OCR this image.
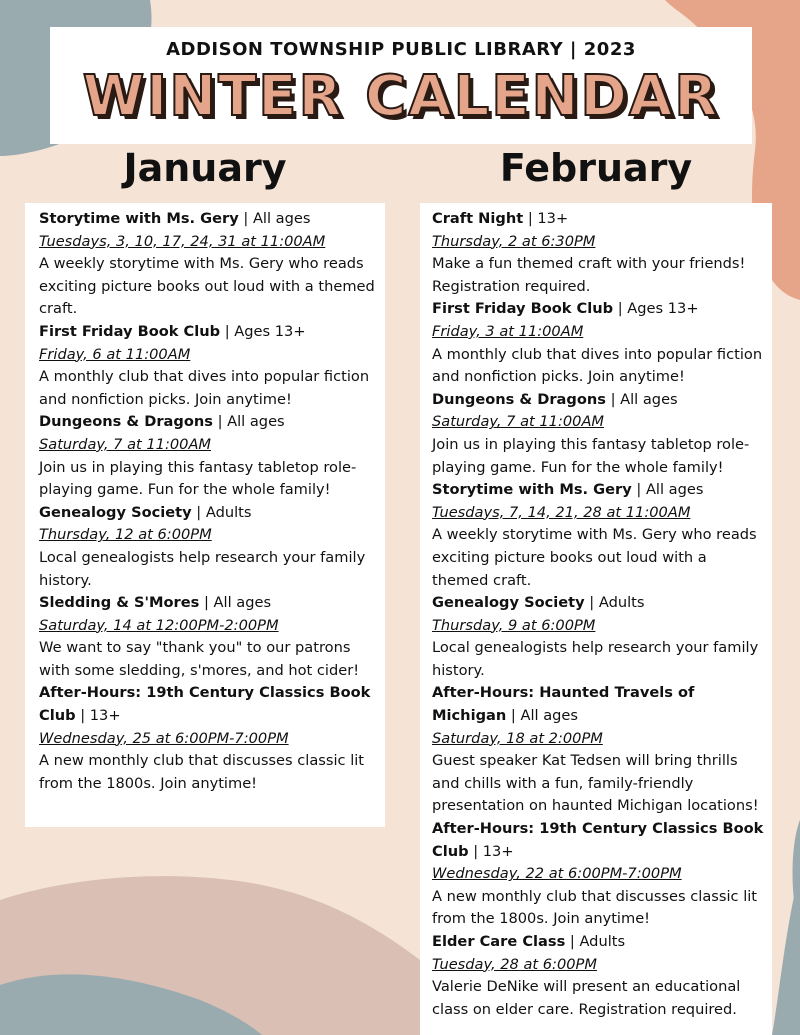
ADDISON TOWNSHIP PUBLIC LIBRARY | 2023
WINTER CALENDAR
January	February
Storytime with Ms. Gery | All ages
Tuesdays, 3, 10, 17, 24, 31 at 11:00AM
A weekly storytime with Ms. Gery who reads exciting picture books out loud with a themed craft.
First Friday Book Club | Ages 13+
Friday, 6 at 11:00AM
A monthly club that dives into popular fiction and nonfiction picks. Join anytime!
Dungeons & Dragons | All ages
Saturday, 7 at 11:00AM
Join us in playing this fantasy tabletop role-playing game. Fun for the whole family!
Genealogy Society | Adults
Thursday, 12 at 6:00PM
Local genealogists help research your family history.
Sledding & S'Mores | All ages
Saturday, 14 at 12:00PM-2:00PM
We want to say "thank you" to our patrons with some sledding, s'mores, and hot cider!
After-Hours: 19th Century Classics Book Club | 13+
Wednesday, 25 at 6:00PM-7:00PM
A new monthly club that discusses classic lit from the 1800s. Join anytime!
Craft Night | 13+
Thursday, 2 at 6:30PM
Make a fun themed craft with your friends! Registration required.
First Friday Book Club | Ages 13+
Friday, 3 at 11:00AM
A monthly club that dives into popular fiction and nonfiction picks. Join anytime!
Dungeons & Dragons | All ages
Saturday, 7 at 11:00AM
Join us in playing this fantasy tabletop role-playing game. Fun for the whole family!
Storytime with Ms. Gery | All ages
Tuesdays, 7, 14, 21, 28 at 11:00AM
A weekly storytime with Ms. Gery who reads exciting picture books out loud with a themed craft.
Genealogy Society | Adults
Thursday, 9 at 6:00PM
Local genealogists help research your family history.
After-Hours: Haunted Travels of Michigan | All ages
Saturday, 18 at 2:00PM
Guest speaker Kat Tedsen will bring thrills and chills with a fun, family-friendly presentation on haunted Michigan locations!
After-Hours: 19th Century Classics Book Club | 13+
Wednesday, 22 at 6:00PM-7:00PM
A new monthly club that discusses classic lit from the 1800s. Join anytime!
Elder Care Class | Adults
Tuesday, 28 at 6:00PM
Valerie DeNike will present an educational class on elder care. Registration required.
